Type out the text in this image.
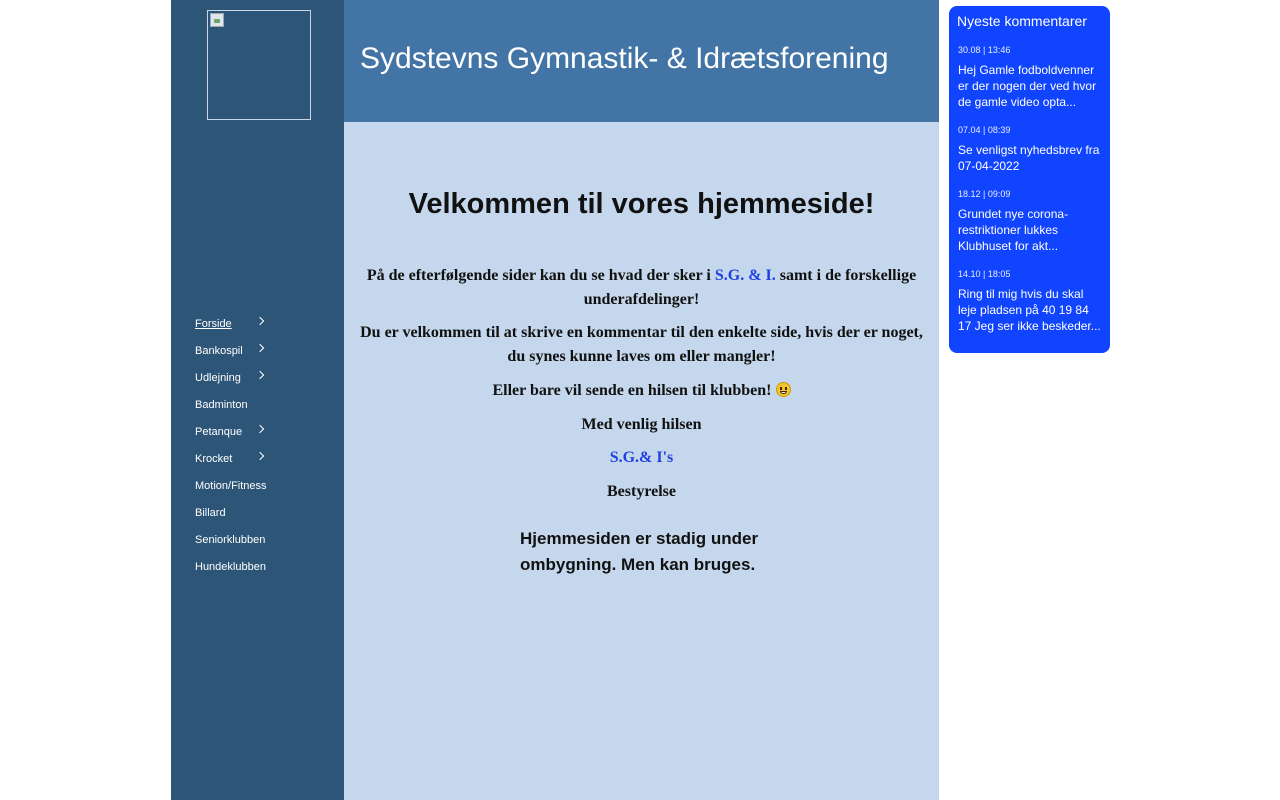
Forside
Bankospil
Udlejning
Badminton
Petanque
Krocket
Motion/Fitness
Billard
Seniorklubben
Hundeklubben
Sydstevns Gymnastik- & Idrætsforening
Velkommen til vores hjemmeside!
På de efterfølgende sider kan du se hvad der sker i S.G. & I. samt i de forskellige underafdelinger!
Du er velkommen til at skrive en kommentar til den enkelte side, hvis der er noget, du synes kunne laves om eller mangler!
Eller bare vil sende en hilsen til klubben!
Med venlig hilsen
S.G.& I's
Bestyrelse
Hjemmesiden er stadig under ombygning. Men kan bruges.
Nyeste kommentarer
30.08 | 13:46
Hej Gamle fodboldvenner er der nogen der ved hvor de gamle video opta...
07.04 | 08:39
Se venligst nyhedsbrev fra 07-04-2022
18.12 | 09:09
Grundet nye corona-restriktioner lukkes Klubhuset for akt...
14.10 | 18:05
Ring til mig hvis du skal leje pladsen på 40 19 84 17 Jeg ser ikke beskeder...
